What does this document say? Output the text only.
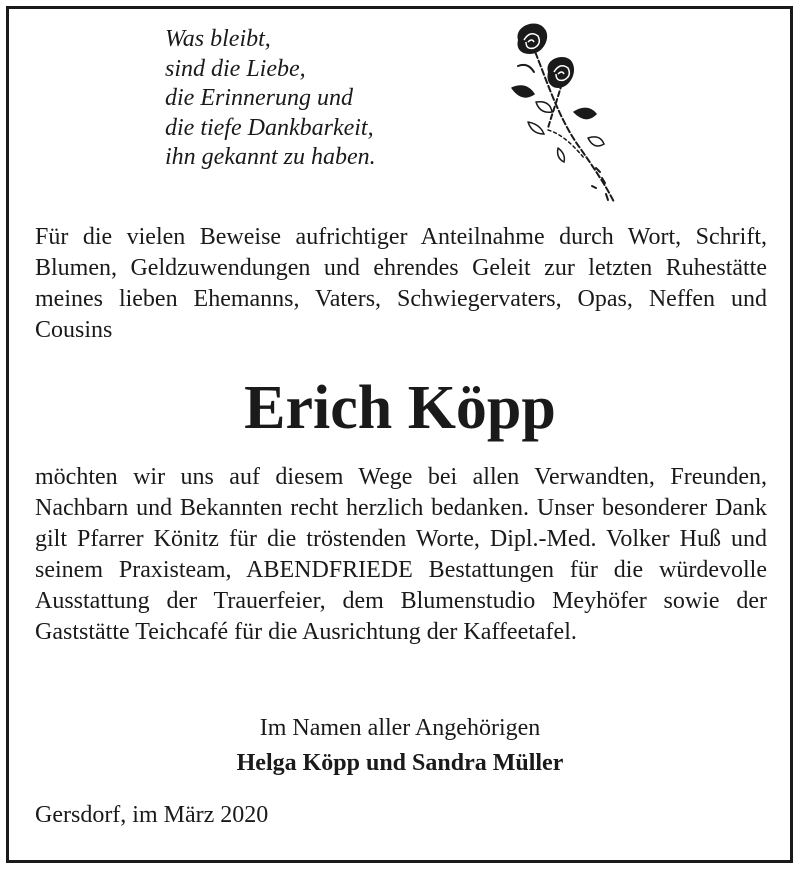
Was bleibt,
sind die Liebe,
die Erinnerung und
die tiefe Dankbarkeit,
ihn gekannt zu haben.
Für die vielen Beweise aufrichtiger Anteilnahme durch Wort, Schrift, Blumen, Geldzuwendungen und ehrendes Geleit zur letzten Ruhestätte meines lieben Ehemanns, Vaters, Schwiegervaters, Opas, Neffen und Cousins
Erich Köpp
möchten wir uns auf diesem Wege bei allen Verwandten, Freunden, Nachbarn und Bekannten recht herzlich bedanken. Unser besonderer Dank gilt Pfarrer Könitz für die tröstenden Worte, Dipl.-Med. Volker Huß und seinem Praxisteam, ABENDFRIEDE Bestattungen für die würdevolle Ausstattung der Trauerfeier, dem Blumenstudio Meyhöfer sowie der Gaststätte Teichcafé für die Ausrichtung der Kaffeetafel.
Im Namen aller Angehörigen
Helga Köpp und Sandra Müller
Gersdorf, im März 2020
